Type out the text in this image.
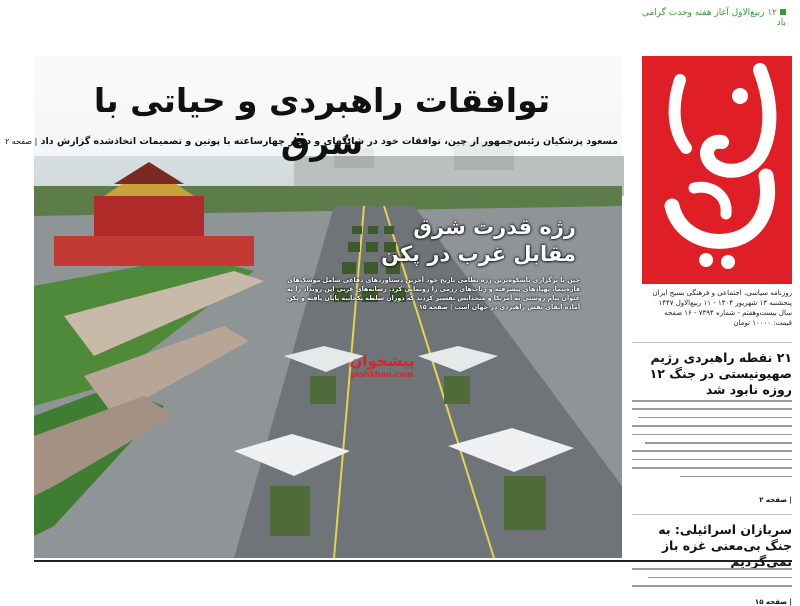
۱۲ ربیع‌الاول آغاز هفته وحدت گرامی باد
روزنامه سیاسی، اجتماعی و فرهنگی بسیج ایران
پنجشنبه ۱۳ شهریور ۱۴۰۴ - ۱۱ ربیع‌الاول ۱۴۴۷
سال بیست‌وهفتم - شماره ۷۴۹۴ - ۱۶ صفحه
قیمت: ۱۰۰۰۰ تومان
۲۱ نقطه راهبردی رژیم صهیونیستی در جنگ ۱۲ روزه نابود شد
| صفحه ۲
سربازان اسرائیلی: به جنگ بی‌معنی غزه باز
| صفحه ۱۵
توافقات راهبردی و حیاتی با شرق
مسعود پزشکیان رئیس‌جمهور از چین، توافقات خود در شانگهای و دیدار چهارساعته با پوتین و تصمیمات اتخاذشده گزارش داد | صفحه ۲
رژه قدرت شرق
مقابل غرب در پکن
چین با برگزاری باشکوه‌ترین رژه نظامی تاریخ خود آخرین دستاوردهای دفاعی شامل موشک‌های قاره‌پیما، پهپادهای پیشرفته و ربات‌های رزمی را رونمایی کرد. رسانه‌های غربی این رویداد را به عنوان پیام روشنی به آمریکا و متحدانش تفسیر کردند که دوران سلطه یکجانبه پایان یافته و پکن آماده ایفای نقش راهبردی در جهان است | صفحه ۱۵
پیشخوان
pishkhan.com
